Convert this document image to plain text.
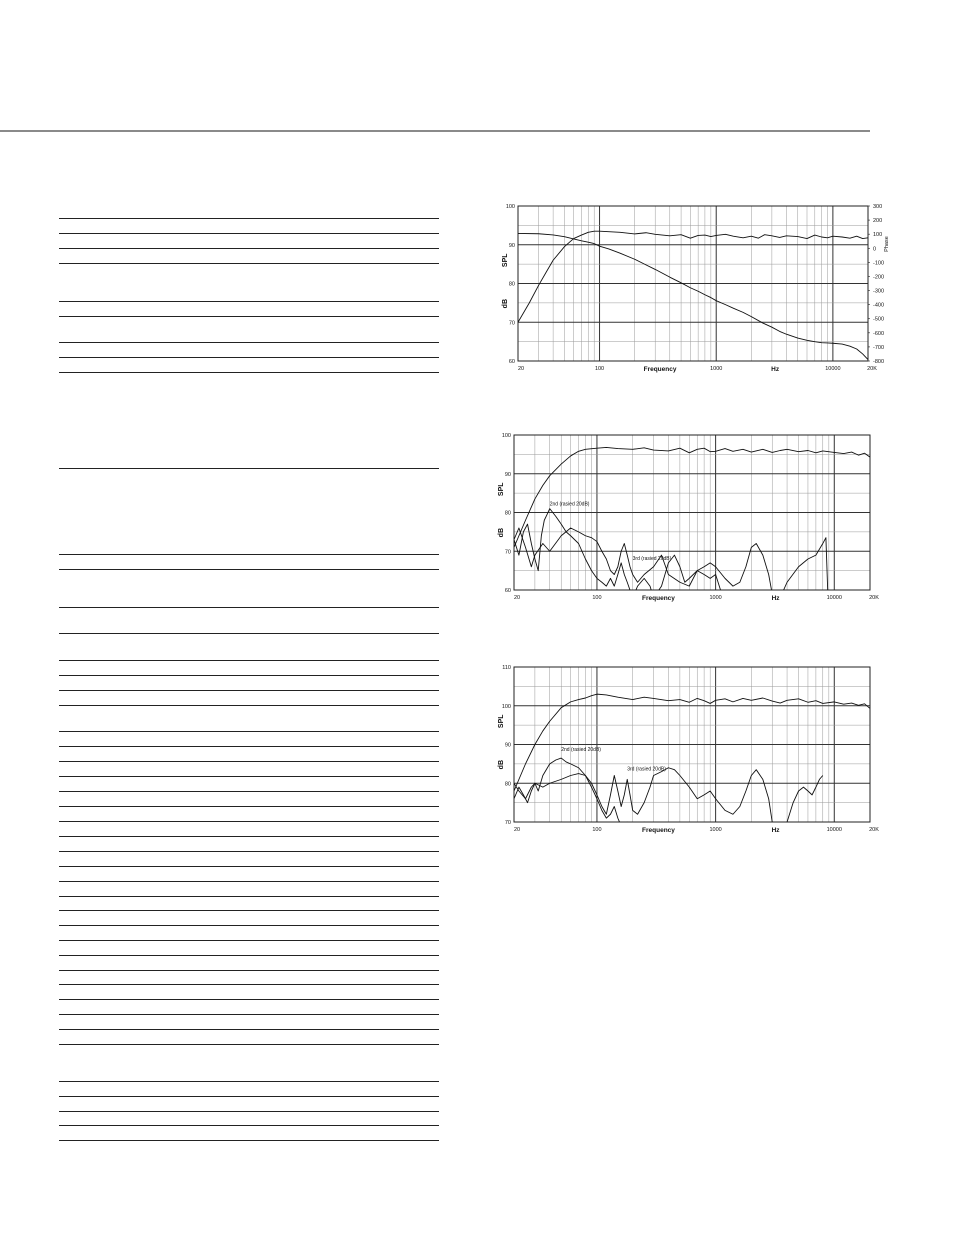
60
70
80
90
100
20	100	1000	10000	20K
Frequency	Hz
dB
SPL
300
200
100
0
-100
-200
-300
-400
-500
-600
-700
-800
Phase
60
70
80
90
100
20	100	1000	10000	20K
Frequency	Hz
dB
SPL
2nd (rasied 20dB)
3rd (rasied 20dB)
70
80
90
100
110
20	100	1000	10000	20K
Frequency	Hz
dB
SPL
2nd (rasied 20dB)
3rd (rasied 20dB)
